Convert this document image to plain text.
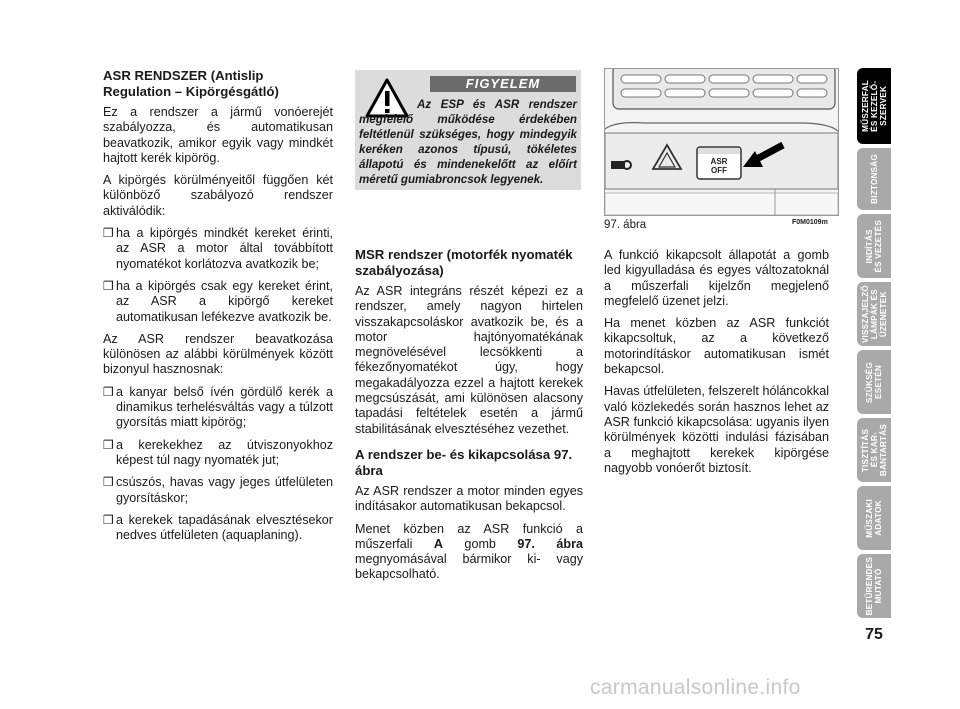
ASR RENDSZER (Antislip Regulation – Kipörgésgátló)

Ez a rendszer a jármű vonóerejét szabályozza, és automatikusan beavatkozik, amikor egyik vagy mindkét hajtott kerék kipörög.

A kipörgés körülményeitől függően két különböző szabályozó rendszer aktiválódik:

❒ ha a kipörgés mindkét kereket érinti, az ASR a motor által továbbított nyomatékot korlátozva avatkozik be;
❒ ha a kipörgés csak egy kereket érint, az ASR a kipörgő kereket automatikusan lefékezve avatkozik be.

Az ASR rendszer beavatkozása különösen az alábbi körülmények között bizonyul hasznosnak:

❒ a kanyar belső ívén gördülő kerék a dinamikus terhelésváltás vagy a túlzott gyorsítás miatt kipörög;
❒ a kerekekhez az útviszonyokhoz képest túl nagy nyomaték jut;
❒ csúszós, havas vagy jeges útfelületen gyorsításkor;
❒ a kerekek tapadásának elvesztésekor nedves útfelületen (aquaplaning).
FIGYELEM
Az ESP és ASR rendszer megfelelő működése érdekében feltétlenül szükséges, hogy mindegyik keréken azonos típusú, tökéletes állapotú és mindenekelőtt az előírt méretű gumiabroncsok legyenek.
MSR rendszer (motorfék nyomaték szabályozása)

Az ASR integráns részét képezi ez a rendszer, amely nagyon hirtelen visszakapcsoláskor avatkozik be, és a motor hajtónyomatékának megnövelésével lecsökkenti a fékezőnyomatékot úgy, hogy megakadályozza ezzel a hajtott kerekek megcsúszását, ami különösen alacsony tapadási feltételek esetén a jármű stabilitásának elvesztéséhez vezethet.

A rendszer be- és kikapcsolása 97. ábra

Az ASR rendszer a motor minden egyes indításakor automatikusan bekapcsol.

Menet közben az ASR funkció a műszerfali A gomb 97. ábra megnyomásával bármikor ki- vagy bekapcsolható.

ASR
OFF
97. ábra	F0M0109m

A funkció kikapcsolt állapotát a gomb led kigyulladása és egyes változatoknál a műszerfali kijelzőn megjelenő megfelelő üzenet jelzi.

Ha menet közben az ASR funkciót kikapcsoltuk, az a következő motorindításkor automatikusan ismét bekapcsol.

Havas útfelületen, felszerelt hóláncokkal való közlekedés során hasznos lehet az ASR funkció kikapcsolása: ugyanis ilyen körülmények közötti indulási fázisában a meghajtott kerekek kipörgése nagyobb vonóerőt biztosít.

MŰSZERFAL
ÉS KEZELŐ-
SZERVEK
BIZTONSÁG
INDÍTÁS
ÉS VEZETÉS
VISSZAJELZŐ
LÁMPÁK ÉS
ÜZENETEK
SZÜKSÉG
ESETÉN
TISZTÍTÁS
ÉS KAR-
BANTARTÁS
MŰSZAKI
ADATOK
BETŰRENDES
MUTATÓ
75
carmanualsonline.info
